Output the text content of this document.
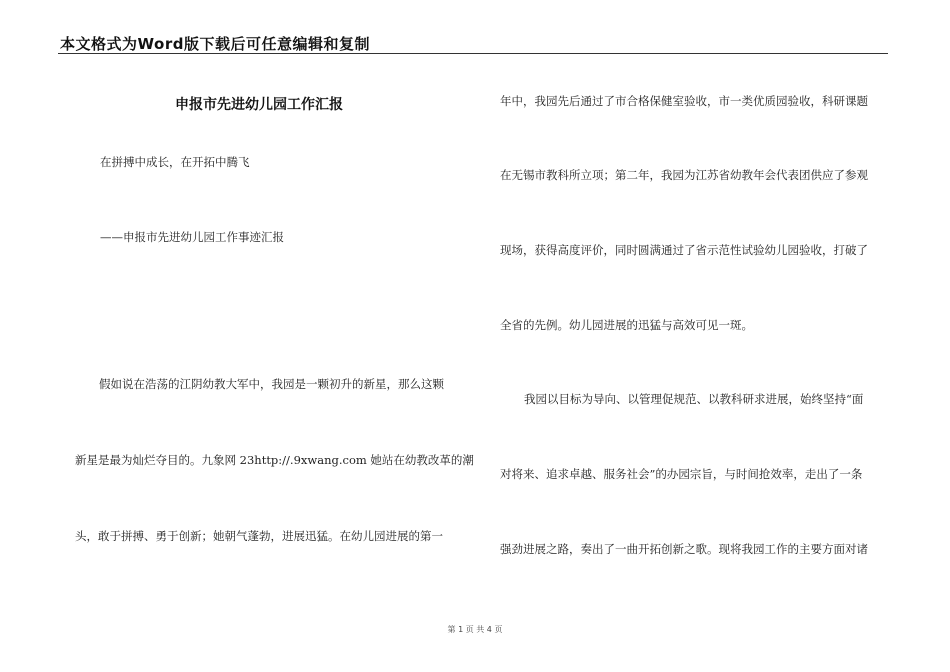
本文格式为Word版下载后可任意编辑和复制
申报市先进幼儿园工作汇报
在拼搏中成长，在开拓中腾飞
——申报市先进幼儿园工作事迹汇报
假如说在浩荡的江阴幼教大军中，我园是一颗初升的新星，那么这颗
新星是最为灿烂夺目的。九象网 23http://.9xwang.com 她站在幼教改革的潮
头，敢于拼搏、勇于创新；她朝气蓬勃，进展迅猛。在幼儿园进展的第一
年中，我园先后通过了市合格保健室验收，市一类优质园验收，科研课题
在无锡市教科所立项；第二年，我园为江苏省幼教年会代表团供应了参观
现场，获得高度评价，同时圆满通过了省示范性试验幼儿园验收，打破了
全省的先例。幼儿园进展的迅猛与高效可见一斑。
我园以目标为导向、以管理促规范、以教科研求进展，始终坚持“面
对将来、追求卓越、服务社会”的办园宗旨，与时间抢效率，走出了一条
强劲进展之路，奏出了一曲开拓创新之歌。现将我园工作的主要方面对诸
第 1 页 共 4 页
